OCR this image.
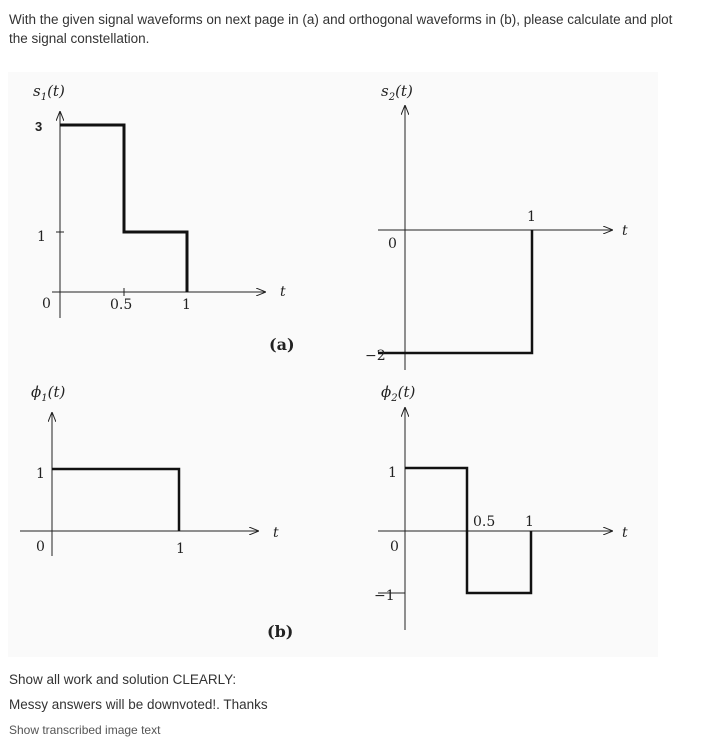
With the given signal waveforms on next page in (a) and orthogonal waveforms in (b), please calculate and plot the signal constellation.
$s_1(t)$
3
1
0	0.5	1
t
(a)
$s_2(t)$
0
−2
1
t
$\phi_1(t)$
1
0	1
t
(b)
$\phi_2(t)$
1
0
−1
0.5 1
t
Show all work and solution CLEARLY:
Messy answers will be downvoted!. Thanks
Show transcribed image text
